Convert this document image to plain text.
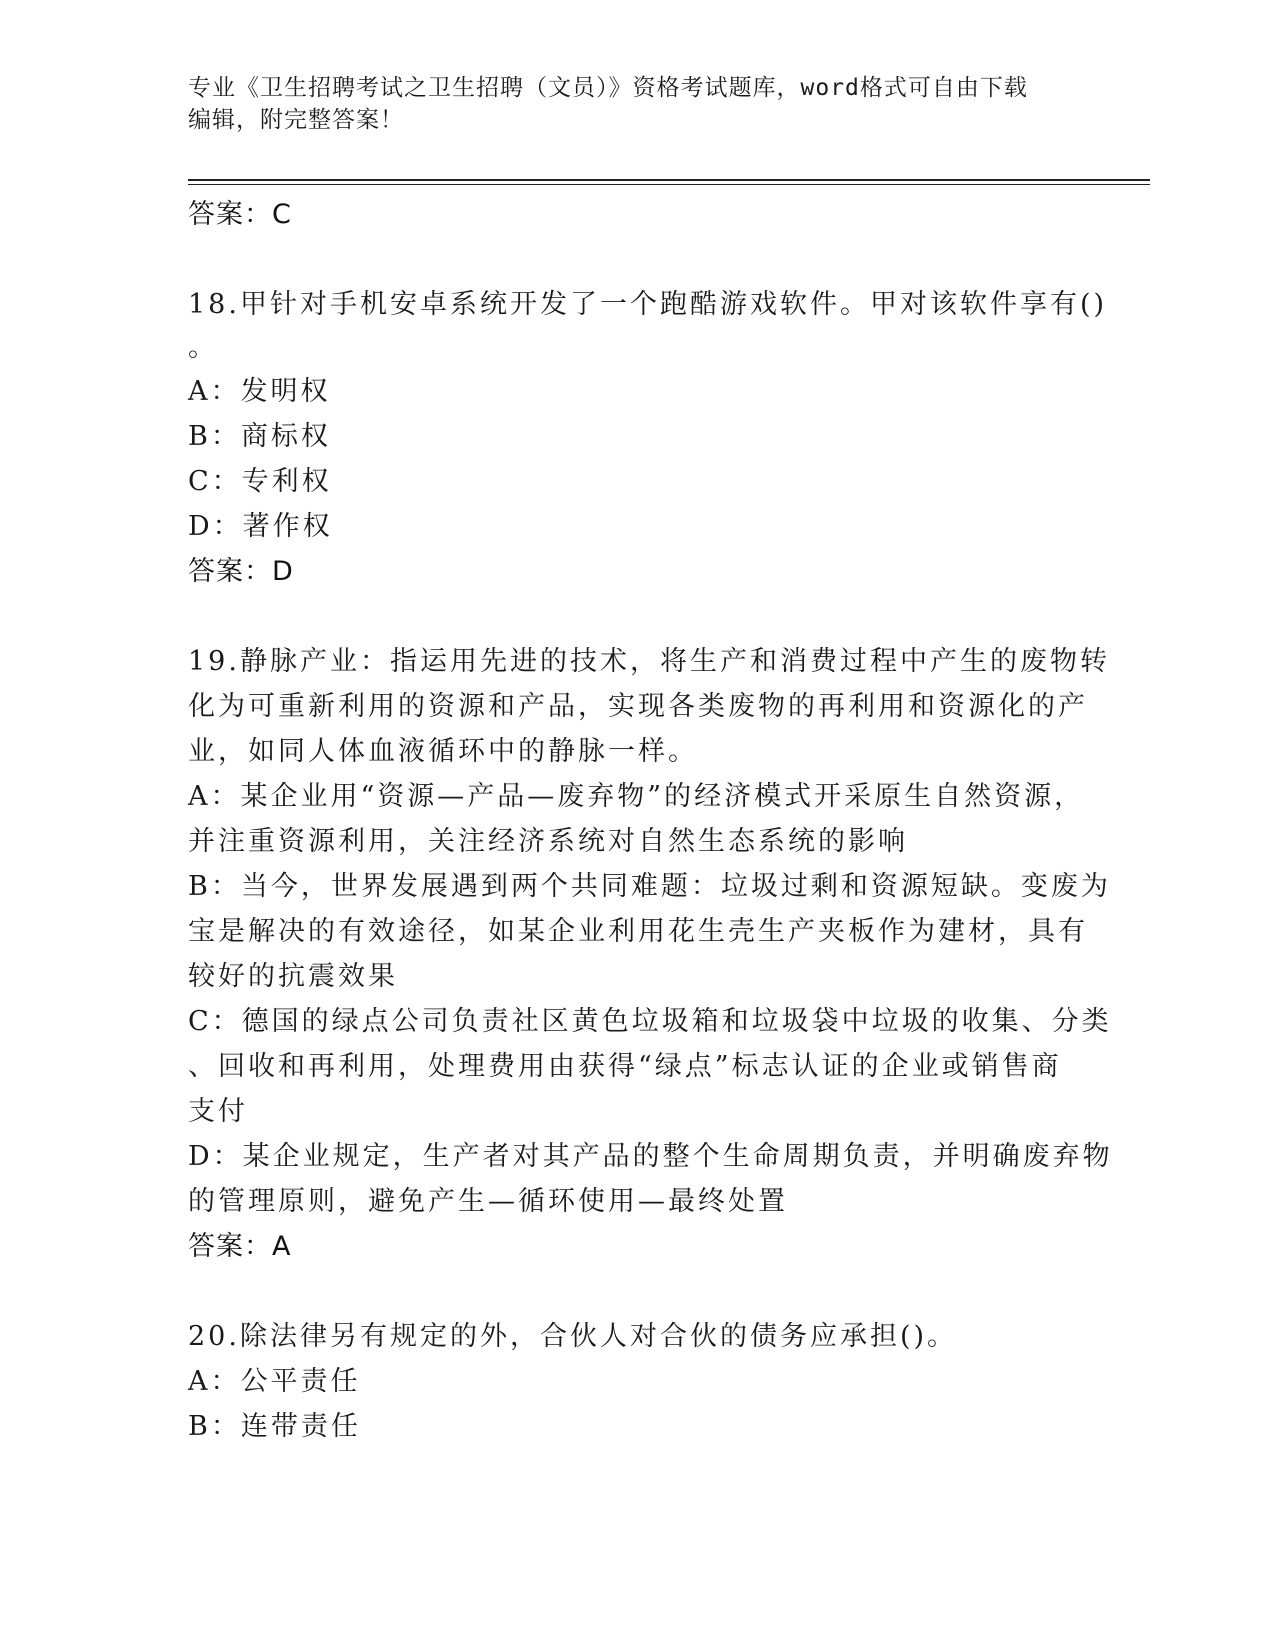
专业《卫生招聘考试之卫生招聘（文员）》资格考试题库，word格式可自由下载
编辑，附完整答案！
答案：C
18.甲针对手机安卓系统开发了一个跑酷游戏软件。甲对该软件享有()
。
A：发明权
B：商标权
C：专利权
D：著作权
答案：D
19.静脉产业：指运用先进的技术，将生产和消费过程中产生的废物转
化为可重新利用的资源和产品，实现各类废物的再利用和资源化的产
业，如同人体血液循环中的静脉一样。
A：某企业用“资源—产品—废弃物”的经济模式开采原生自然资源，
并注重资源利用，关注经济系统对自然生态系统的影响
B：当今，世界发展遇到两个共同难题：垃圾过剩和资源短缺。变废为
宝是解决的有效途径，如某企业利用花生壳生产夹板作为建材，具有
较好的抗震效果
C：德国的绿点公司负责社区黄色垃圾箱和垃圾袋中垃圾的收集、分类
、回收和再利用，处理费用由获得“绿点”标志认证的企业或销售商
支付
D：某企业规定，生产者对其产品的整个生命周期负责，并明确废弃物
的管理原则，避免产生—循环使用—最终处置
答案：A
20.除法律另有规定的外，合伙人对合伙的债务应承担()。
A：公平责任
B：连带责任
